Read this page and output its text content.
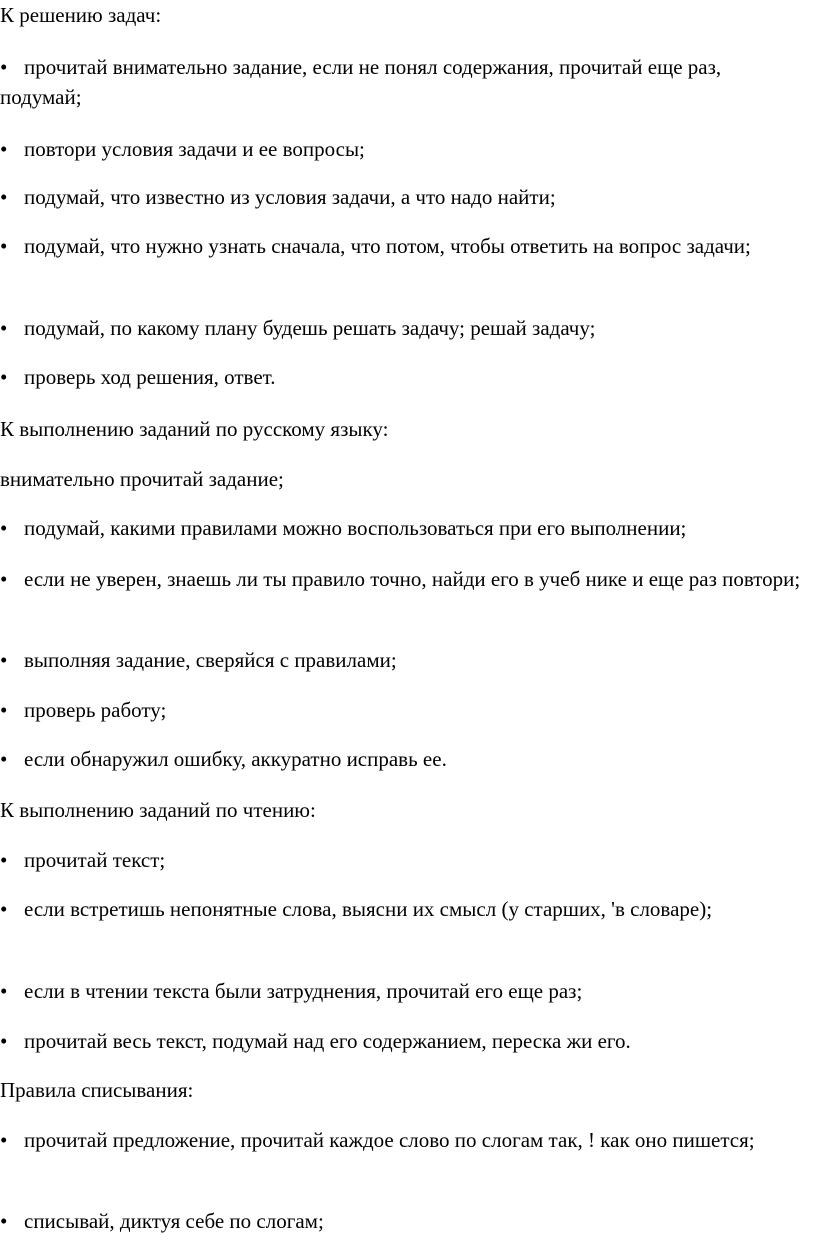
К решению задач:

• прочитай внимательно задание, если не понял содержания, прочитай еще раз, подумай;

• повтори условия задачи и ее вопросы;

• подумай, что известно из условия задачи, а что надо найти;

• подумай, что нужно узнать сначала, что потом, чтобы ответить на вопрос задачи;

• подумай, по какому плану будешь решать задачу; решай задачу;

• проверь ход решения, ответ.

К выполнению заданий по русскому языку:

внимательно прочитай задание;

• подумай, какими правилами можно воспользоваться при его выполнении;

• если не уверен, знаешь ли ты правило точно, найди его в учеб нике и еще раз повтори;

• выполняя задание, сверяйся с правилами;

• проверь работу;

• если обнаружил ошибку, аккуратно исправь ее.

К выполнению заданий по чтению:

• прочитай текст;

• если встретишь непонятные слова, выясни их смысл (у старших, 'в словаре);

• если в чтении текста были затруднения, прочитай его еще раз;

• прочитай весь текст, подумай над его содержанием, переска жи его.

Правила списывания:

• прочитай предложение, прочитай каждое слово по слогам так, ! как оно пишется;

• списывай, диктуя себе по слогам;
